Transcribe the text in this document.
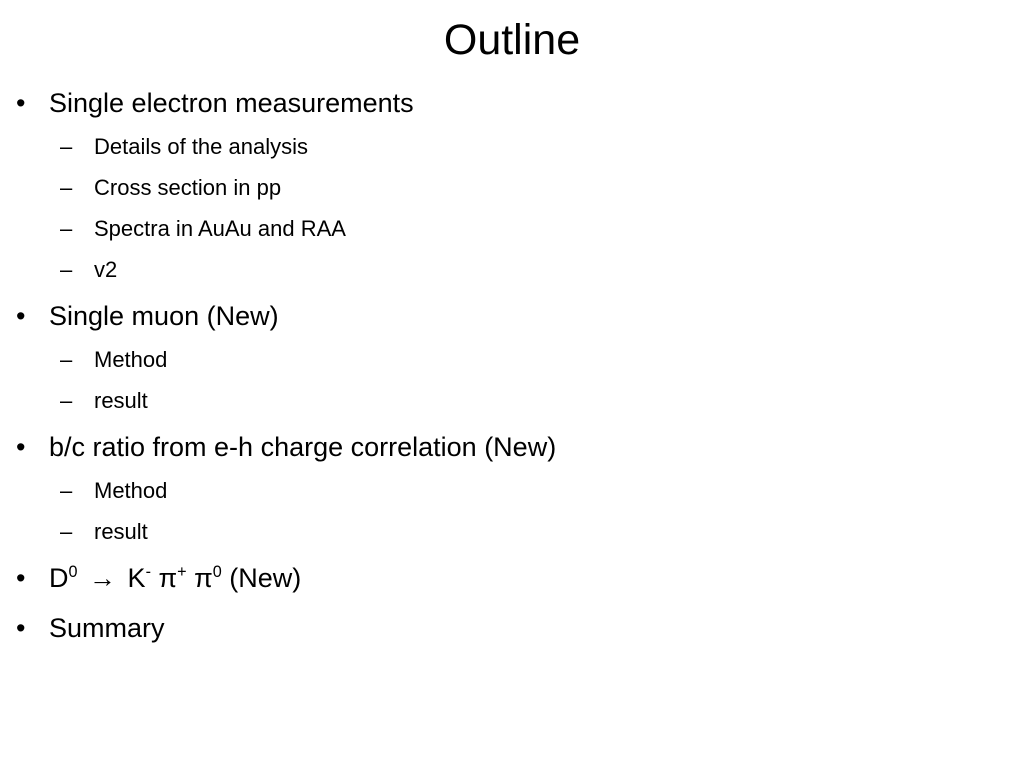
Outline
• Single electron measurements
– Details of the analysis
– Cross section in pp
– Spectra in AuAu and RAA
– v2
• Single muon (New)
– Method
– result
• b/c ratio from e-h charge correlation (New)
– Method
– result
• $D^0 \to K^-$ π+ $\pi^0$ (New)
• Summary
